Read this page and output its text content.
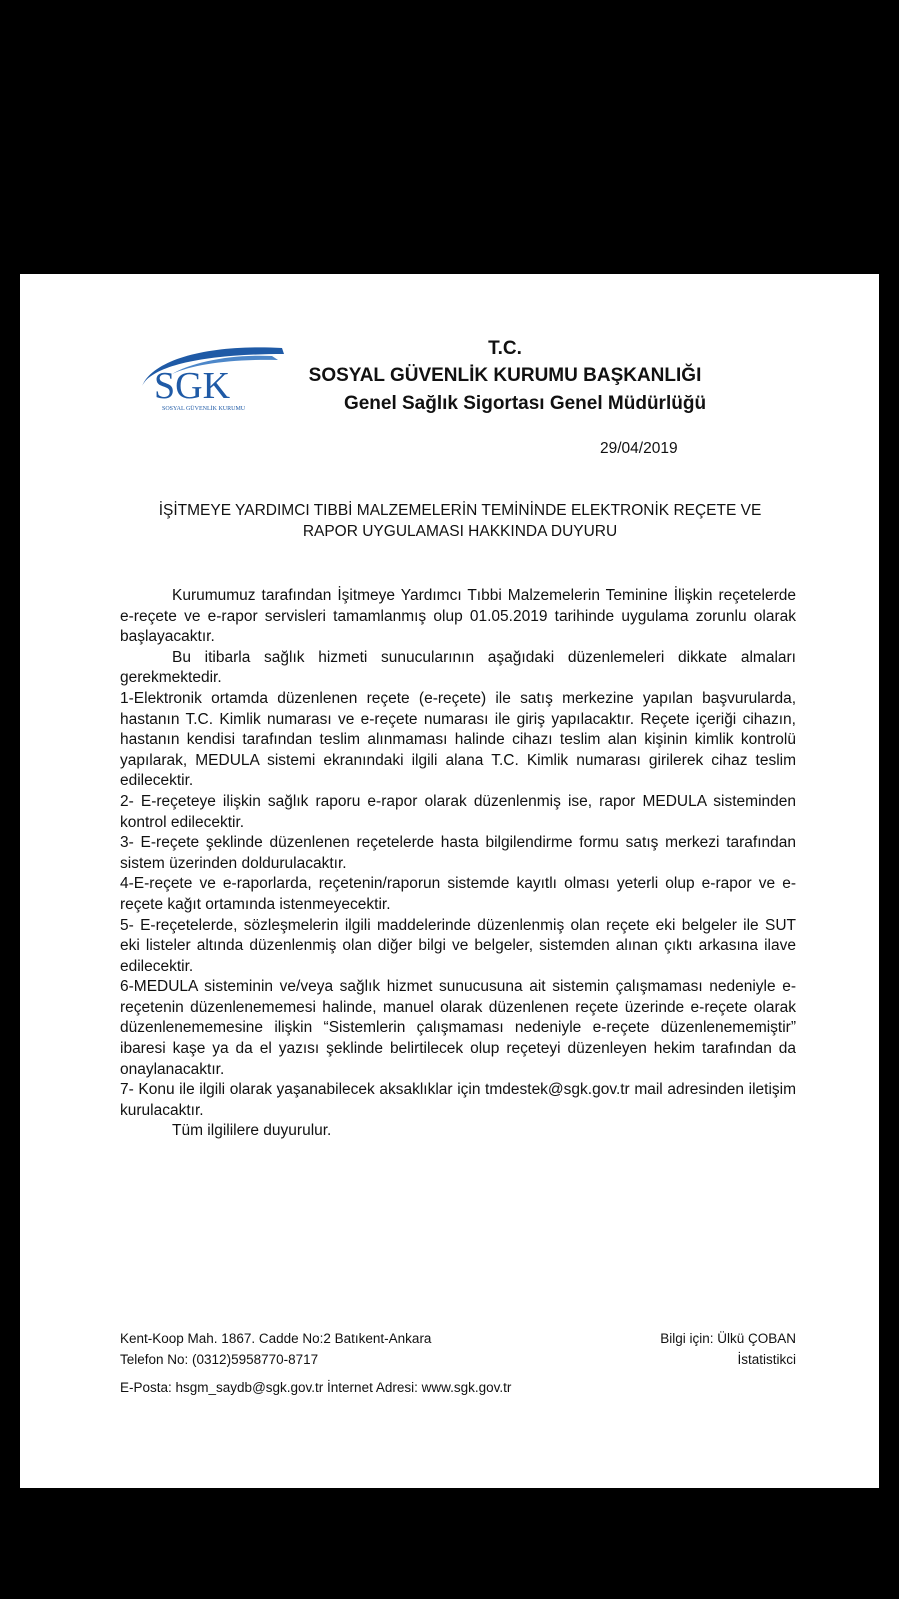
SGK
SOSYAL GÜVENLİK KURUMU
T.C.
SOSYAL GÜVENLİK KURUMU BAŞKANLIĞI
Genel Sağlık Sigortası Genel Müdürlüğü
29/04/2019
İŞİTMEYE YARDIMCI TIBBİ MALZEMELERİN TEMİNİNDE ELEKTRONİK REÇETE VE
RAPOR UYGULAMASI HAKKINDA DUYURU

Kurumumuz tarafından İşitmeye Yardımcı Tıbbi Malzemelerin Teminine İlişkin reçetelerde e-reçete ve e-rapor servisleri tamamlanmış olup 01.05.2019 tarihinde uygulama zorunlu olarak başlayacaktır.

Bu itibarla sağlık hizmeti sunucularının aşağıdaki düzenlemeleri dikkate almaları gerekmektedir.

1-Elektronik ortamda düzenlenen reçete (e-reçete) ile satış merkezine yapılan başvurularda, hastanın T.C. Kimlik numarası ve e-reçete numarası ile giriş yapılacaktır. Reçete içeriği cihazın, hastanın kendisi tarafından teslim alınmaması halinde cihazı teslim alan kişinin kimlik kontrolü yapılarak, MEDULA sistemi ekranındaki ilgili alana T.C. Kimlik numarası girilerek cihaz teslim edilecektir.

2- E-reçeteye ilişkin sağlık raporu e-rapor olarak düzenlenmiş ise, rapor MEDULA sisteminden kontrol edilecektir.

3- E-reçete şeklinde düzenlenen reçetelerde hasta bilgilendirme formu satış merkezi tarafından sistem üzerinden doldurulacaktır.

4-E-reçete ve e-raporlarda, reçetenin/raporun sistemde kayıtlı olması yeterli olup e-rapor ve e- reçete kağıt ortamında istenmeyecektir.

5- E-reçetelerde, sözleşmelerin ilgili maddelerinde düzenlenmiş olan reçete eki belgeler ile SUT eki listeler altında düzenlenmiş olan diğer bilgi ve belgeler, sistemden alınan çıktı arkasına ilave edilecektir.

6-MEDULA sisteminin ve/veya sağlık hizmet sunucusuna ait sistemin çalışmaması nedeniyle e-reçetenin düzenlenememesi halinde, manuel olarak düzenlenen reçete üzerinde e-reçete olarak düzenlenememesine ilişkin “Sistemlerin çalışmaması nedeniyle e-reçete düzenlenememiştir” ibaresi kaşe ya da el yazısı şeklinde belirtilecek olup reçeteyi düzenleyen hekim tarafından da onaylanacaktır.

7- Konu ile ilgili olarak yaşanabilecek aksaklıklar için tmdestek@sgk.gov.tr mail adresinden iletişim kurulacaktır.

Tüm ilgililere duyurulur.

Kent-Koop Mah. 1867. Cadde No:2 Batıkent-Ankara
Telefon No: (0312)5958770-8717
Bilgi için: Ülkü ÇOBAN
İstatistikci
E-Posta: hsgm_saydb@sgk.gov.tr İnternet Adresi: www.sgk.gov.tr
